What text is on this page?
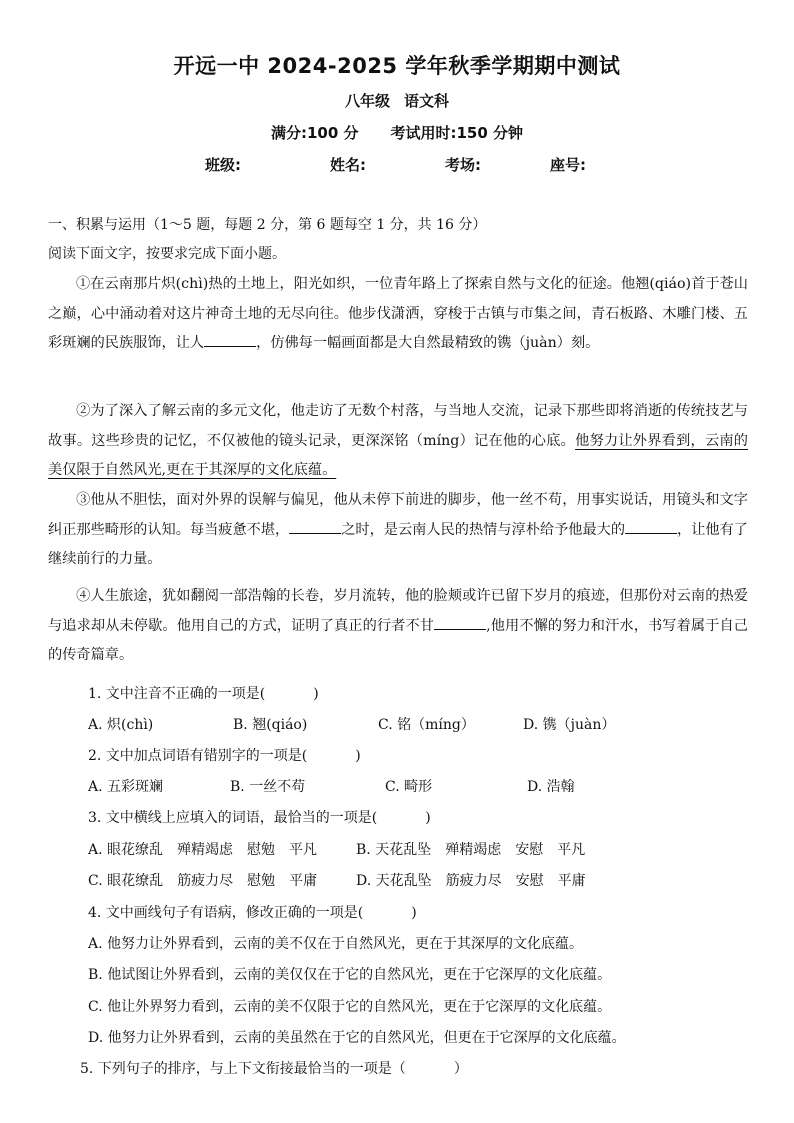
开远一中 2024-2025 学年秋季学期期中测试
八年级 语文科
满分:100 分 考试用时:150 分钟
班级:	姓名:	考场:	座号:
一、积累与运用（1～5 题，每题 2 分，第 6 题每空 1 分，共 16 分）
阅读下面文字，按要求完成下面小题。
①在云南那片炽(chì)热的土地上，阳光如织，一位青年路上了探索自然与文化的征途。他翘(qiáo)首于苍山之巅，心中涌动着对这片神奇土地的无尽向往。他步伐潇洒，穿梭于古镇与市集之间，青石板路、木雕门楼、五彩斑斓的民族服饰，让人	，仿佛每一幅画面都是大自然最精致的镌（juàn）刻。
②为了深入了解云南的多元文化，他走访了无数个村落，与当地人交流，记录下那些即将消逝的传统技艺与故事。这些珍贵的记忆，不仅被他的镜头记录，更深深铭（míng）记在他的心底。他努力让外界看到，云南的美仅限于自然风光,更在于其深厚的文化底蕴。
③他从不胆怯，面对外界的误解与偏见，他从未停下前进的脚步，他一丝不苟，用事实说话，用镜头和文字纠正那些畸形的认知。每当疲惫不堪，	之时，是云南人民的热情与淳朴给予他最大的	，让他有了继续前行的力量。
④人生旅途，犹如翻阅一部浩翰的长卷，岁月流转，他的脸颊或许已留下岁月的痕迹，但那份对云南的热爱与追求却从未停歇。他用自己的方式，证明了真正的行者不甘	,他用不懈的努力和汗水，书写着属于自己的传奇篇章。
1. 文中注音不正确的一项是(	)
A. 炽(chì)	B. 翘(qiáo)	C. 铭（míng）	D. 镌（juàn）
2. 文中加点词语有错别字的一项是(	)
A. 五彩斑斓	B. 一丝不苟	C. 畸形	D. 浩翰
3. 文中横线上应填入的词语，最恰当的一项是(	)
A. 眼花缭乱　殚精竭虑　慰勉　平凡	B. 天花乱坠　殚精竭虑　安慰　平凡
C. 眼花缭乱　筋疲力尽　慰勉　平庸	D. 天花乱坠　筋疲力尽　安慰　平庸
4. 文中画线句子有语病，修改正确的一项是(	)
A. 他努力让外界看到，云南的美不仅在于自然风光，更在于其深厚的文化底蕴。
B. 他试图让外界看到，云南的美仅仅在于它的自然风光，更在于它深厚的文化底蕴。
C. 他让外界努力看到，云南的美不仅限于它的自然风光，更在于它深厚的文化底蕴。
D. 他努力让外界看到，云南的美虽然在于它的自然风光，但更在于它深厚的文化底蕴。
5. 下列句子的排序，与上下文衔接最恰当的一项是（	）
